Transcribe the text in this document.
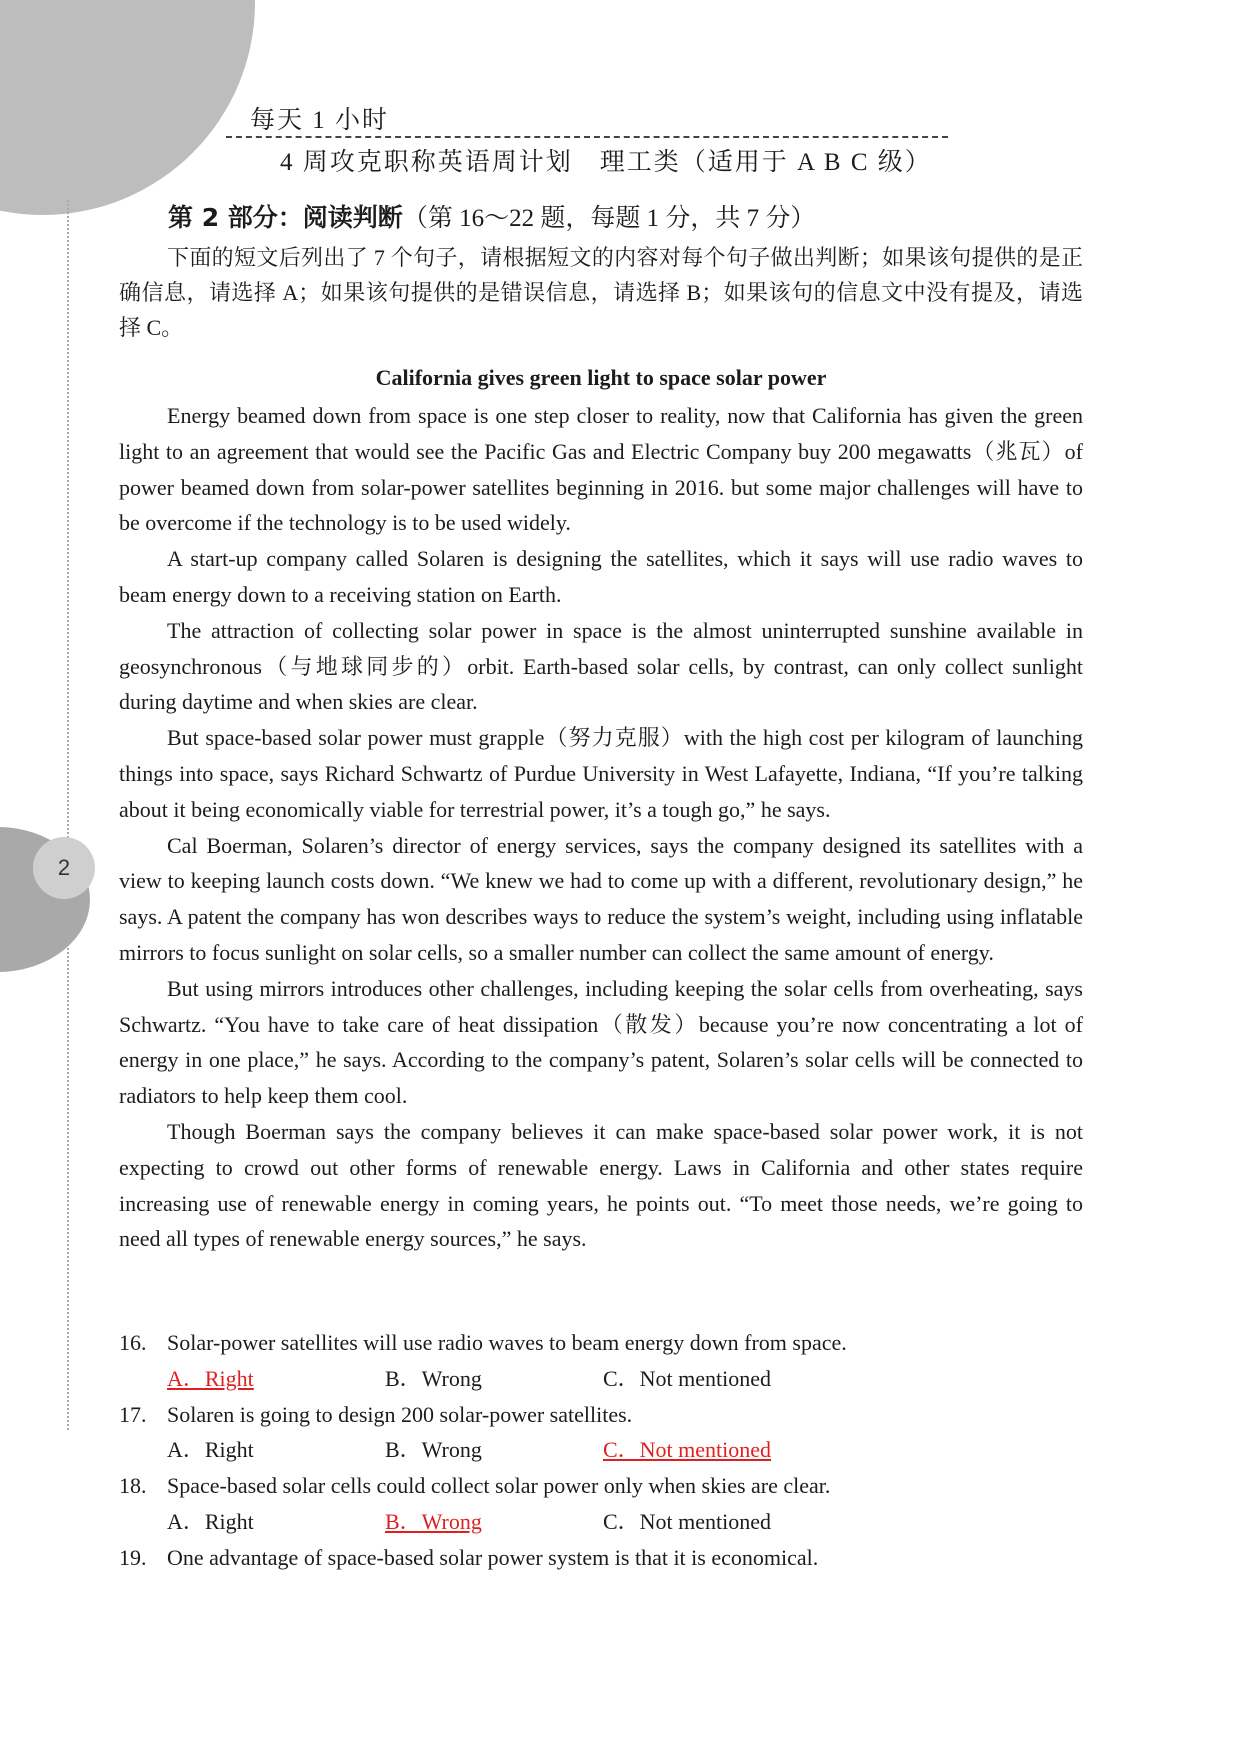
2
每天 1 小时
4 周攻克职称英语周计划　理工类（适用于 A B C 级）
第 2 部分：阅读判断（第 16～22 题，每题 1 分，共 7 分）

下面的短文后列出了 7 个句子，请根据短文的内容对每个句子做出判断；如果该句提供的是正确信息，请选择 A；如果该句提供的是错误信息，请选择 B；如果该句的信息文中没有提及，请选择 C。

California gives green light to space solar power

Energy beamed down from space is one step closer to reality, now that California has given the green light to an agreement that would see the Pacific Gas and Electric Company buy 200 megawatts（兆瓦）of power beamed down from solar-power satellites beginning in 2016. but some major challenges will have to be overcome if the technology is to be used widely.

A start-up company called Solaren is designing the satellites, which it says will use radio waves to beam energy down to a receiving station on Earth.

The attraction of collecting solar power in space is the almost uninterrupted sunshine available in geosynchronous（与地球同步的）orbit. Earth-based solar cells, by contrast, can only collect sunlight during daytime and when skies are clear.

But space-based solar power must grapple（努力克服）with the high cost per kilogram of launching things into space, says Richard Schwartz of Purdue University in West Lafayette, Indiana, “If you’re talking about it being economically viable for terrestrial power, it’s a tough go,” he says.

Cal Boerman, Solaren’s director of energy services, says the company designed its satellites with a view to keeping launch costs down. “We knew we had to come up with a different, revolutionary design,” he says. A patent the company has won describes ways to reduce the system’s weight, including using inflatable mirrors to focus sunlight on solar cells, so a smaller number can collect the same amount of energy.

But using mirrors introduces other challenges, including keeping the solar cells from overheating, says Schwartz. “You have to take care of heat dissipation（散发）because you’re now concentrating a lot of energy in one place,” he says. According to the company’s patent, Solaren’s solar cells will be connected to radiators to help keep them cool.

Though Boerman says the company believes it can make space-based solar power work, it is not expecting to crowd out other forms of renewable energy. Laws in California and other states require increasing use of renewable energy in coming years, he points out. “To meet those needs, we’re going to need all types of renewable energy sources,” he says.

16. Solar-power satellites will use radio waves to beam energy down from space.
A．Right	B．Wrong	C．Not mentioned
17. Solaren is going to design 200 solar-power satellites.
A．Right	B．Wrong	C．Not mentioned
18. Space-based solar cells could collect solar power only when skies are clear.
A．Right	B．Wrong	C．Not mentioned
19. One advantage of space-based solar power system is that it is economical.
